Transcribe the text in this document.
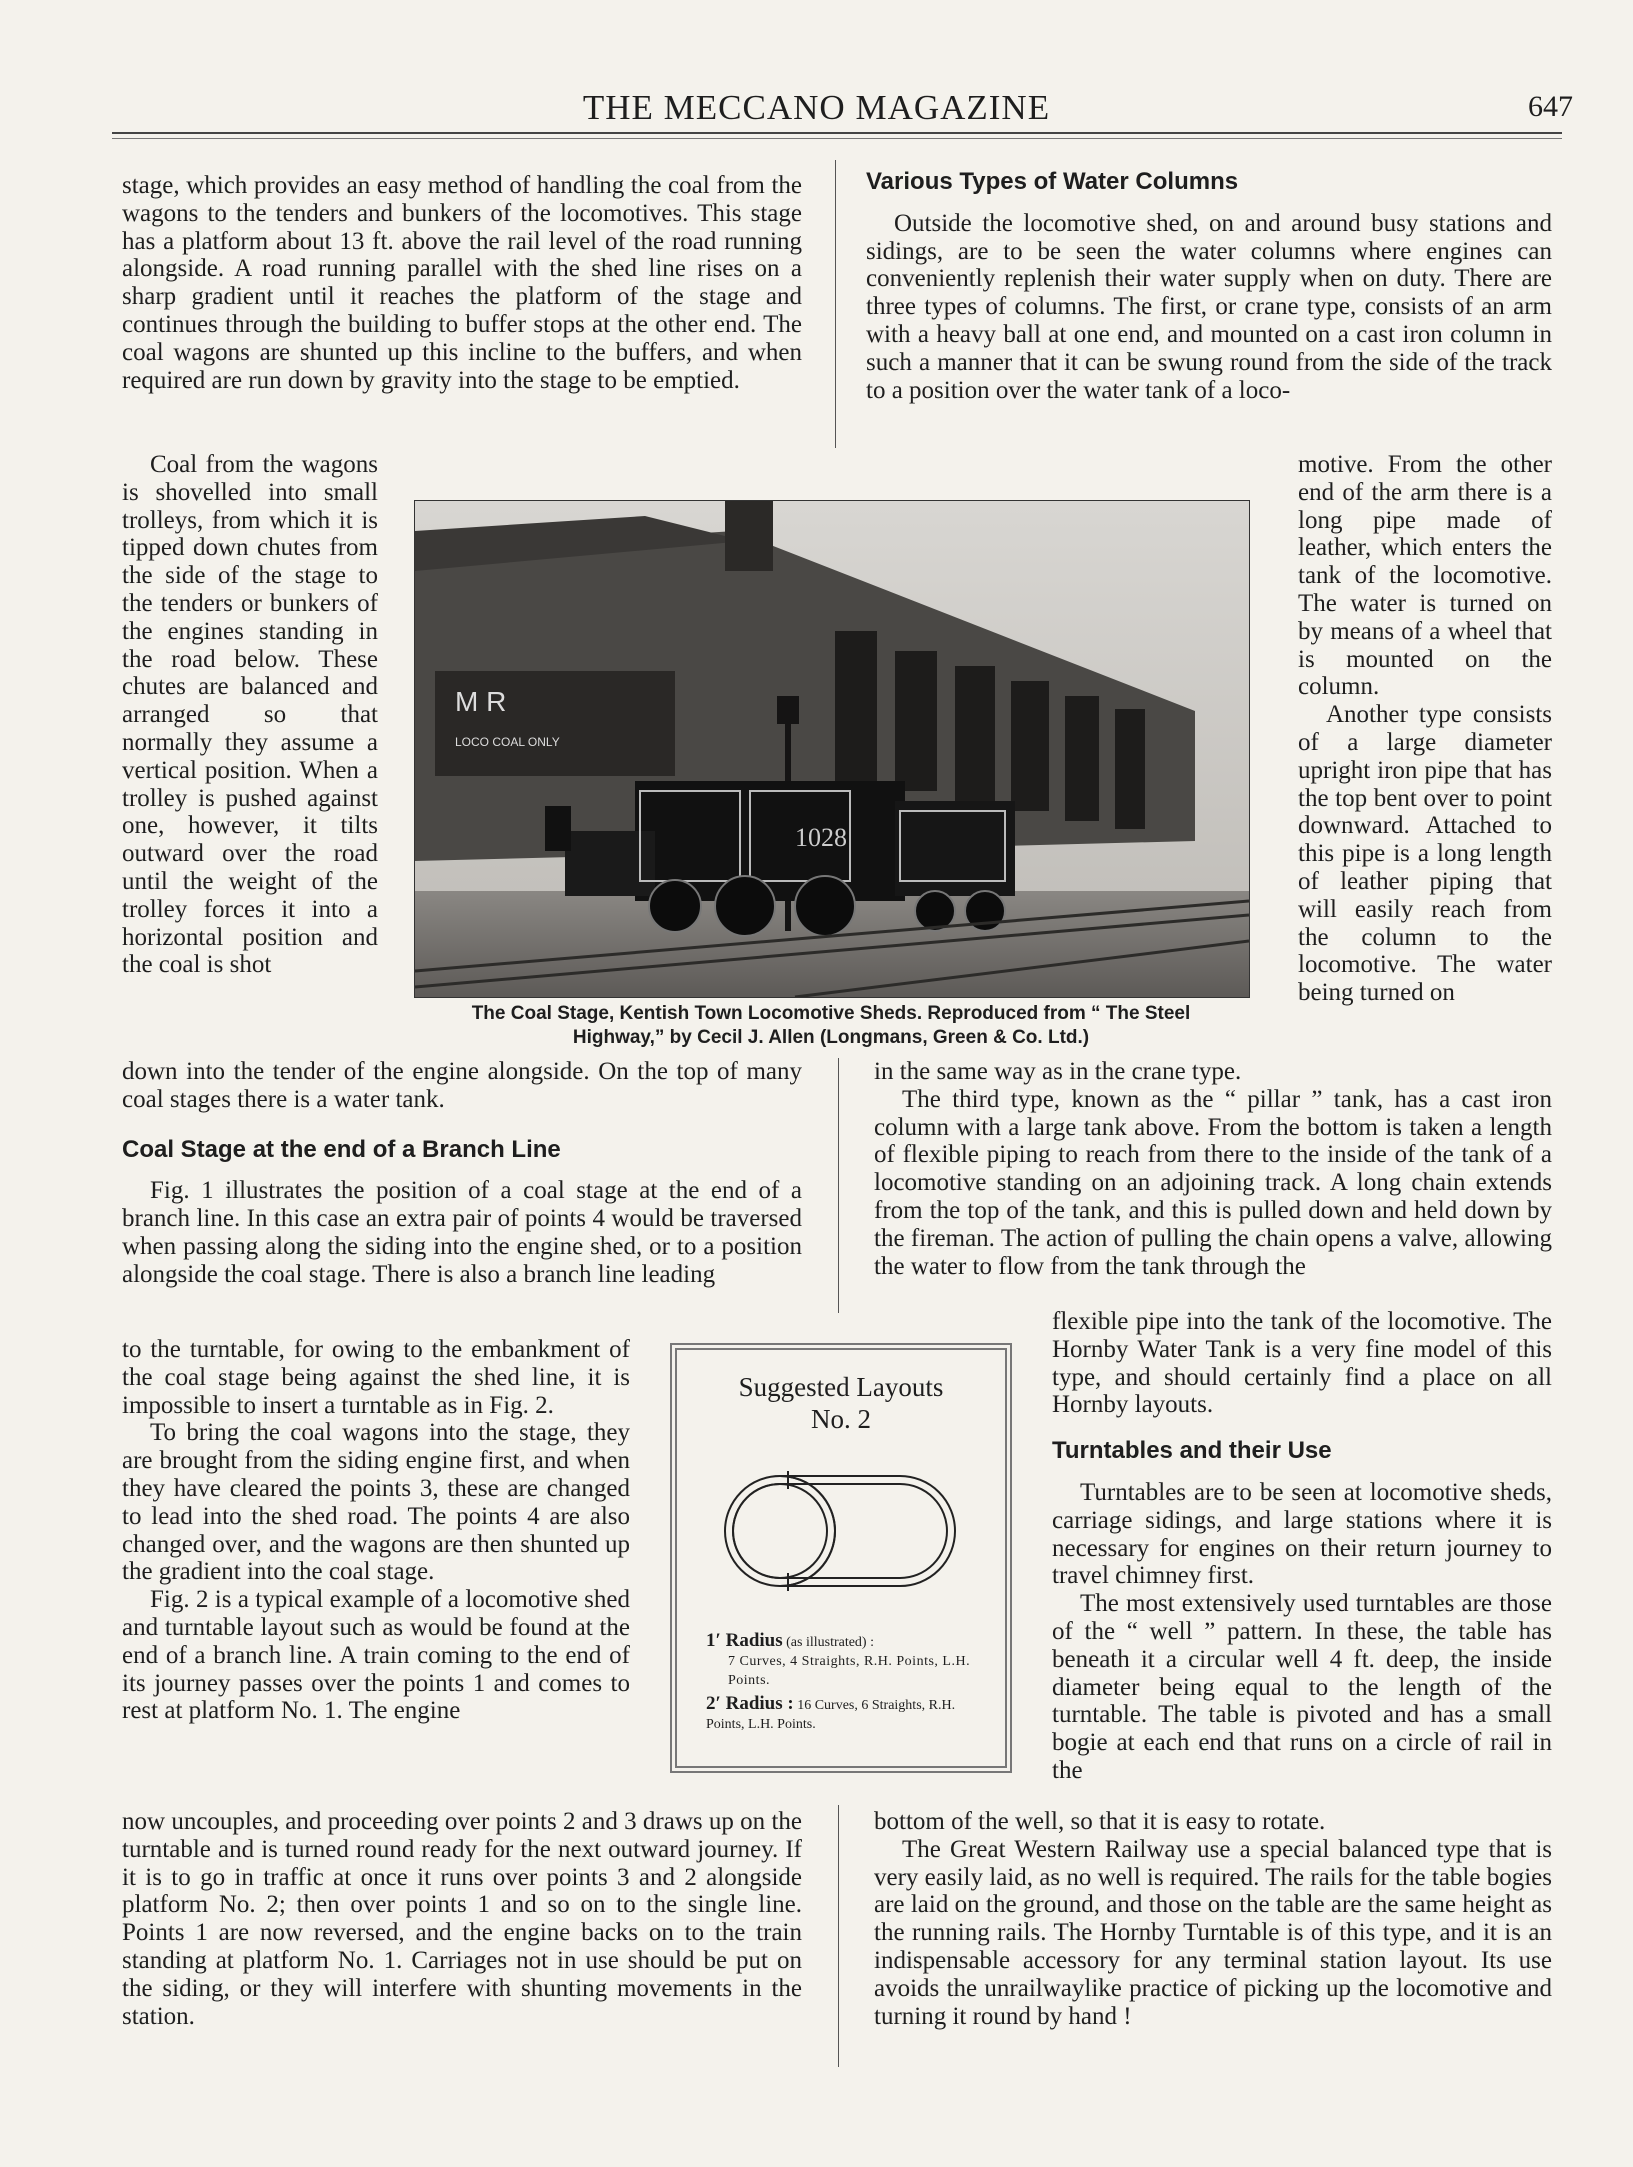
THE MECCANO MAGAZINE	647

stage, which provides an easy method of handling the coal from the wagons to the tenders and bunkers of the locomotives. This stage has a platform about 13 ft. above the rail level of the road running alongside. A road running parallel with the shed line rises on a sharp gradient until it reaches the platform of the stage and continues through the building to buffer stops at the other end. The coal wagons are shunted up this incline to the buffers, and when required are run down by gravity into the stage to be emptied.

Coal from the wagons is shovelled into small trolleys, from which it is tipped down chutes from the side of the stage to the tenders or bunkers of the engines standing in the road below. These chutes are balanced and arranged so that normally they assume a vertical position. When a trolley is pushed against one, however, it tilts outward over the road until the weight of the trolley forces it into a horizontal position and the coal is shot

M R
LOCO COAL ONLY
1028
The Coal Stage, Kentish Town Locomotive Sheds. Reproduced from “ The Steel
Highway,” by Cecil J. Allen (Longmans, Green & Co. Ltd.)

down into the tender of the engine alongside. On the top of many coal stages there is a water tank.

Coal Stage at the end of a Branch Line

Fig. 1 illustrates the position of a coal stage at the end of a branch line. In this case an extra pair of points 4 would be traversed when passing along the siding into the engine shed, or to a position alongside the coal stage. There is also a branch line leading

to the turntable, for owing to the embankment of the coal stage being against the shed line, it is impossible to insert a turntable as in Fig. 2.

To bring the coal wagons into the stage, they are brought from the siding engine first, and when they have cleared the points 3, these are changed to lead into the shed road. The points 4 are also changed over, and the wagons are then shunted up the gradient into the coal stage.

Fig. 2 is a typical example of a locomotive shed and turntable layout such as would be found at the end of a branch line. A train coming to the end of its journey passes over the points 1 and comes to rest at platform No. 1. The engine

now uncouples, and proceeding over points 2 and 3 draws up on the turntable and is turned round ready for the next outward journey. If it is to go in traffic at once it runs over points 3 and 2 alongside platform No. 2; then over points 1 and so on to the single line. Points 1 are now reversed, and the engine backs on to the train standing at platform No. 1. Carriages not in use should be put on the siding, or they will interfere with shunting movements in the station.

Suggested Layouts
No. 2
1′ Radius (as illustrated) :
7 Curves, 4 Straights, R.H. Points, L.H. Points.
2′ Radius : 16 Curves, 6 Straights, R.H. Points, L.H. Points.
Various Types of Water Columns

Outside the locomotive shed, on and around busy stations and sidings, are to be seen the water columns where engines can conveniently replenish their water supply when on duty. There are three types of columns. The first, or crane type, consists of an arm with a heavy ball at one end, and mounted on a cast iron column in such a manner that it can be swung round from the side of the track to a position over the water tank of a loco-

motive. From the other end of the arm there is a long pipe made of leather, which enters the tank of the locomotive. The water is turned on by means of a wheel that is mounted on the column.

Another type consists of a large diameter upright iron pipe that has the top bent over to point downward. Attached to this pipe is a long length of leather piping that will easily reach from the column to the locomotive. The water being turned on

in the same way as in the crane type.

The third type, known as the “ pillar ” tank, has a cast iron column with a large tank above. From the bottom is taken a length of flexible piping to reach from there to the inside of the tank of a locomotive standing on an adjoining track. A long chain extends from the top of the tank, and this is pulled down and held down by the fireman. The action of pulling the chain opens a valve, allowing the water to flow from the tank through the

flexible pipe into the tank of the locomotive. The Hornby Water Tank is a very fine model of this type, and should certainly find a place on all Hornby layouts.

Turntables and their Use

Turntables are to be seen at locomotive sheds, carriage sidings, and large stations where it is necessary for engines on their return journey to travel chimney first.

The most extensively used turntables are those of the “ well ” pattern. In these, the table has beneath it a circular well 4 ft. deep, the inside diameter being equal to the length of the turntable. The table is pivoted and has a small bogie at each end that runs on a circle of rail in the

bottom of the well, so that it is easy to rotate.

The Great Western Railway use a special balanced type that is very easily laid, as no well is required. The rails for the table bogies are laid on the ground, and those on the table are the same height as the running rails. The Hornby Turntable is of this type, and it is an indispensable accessory for any terminal station layout. Its use avoids the unrailwaylike practice of picking up the locomotive and turning it round by hand !
